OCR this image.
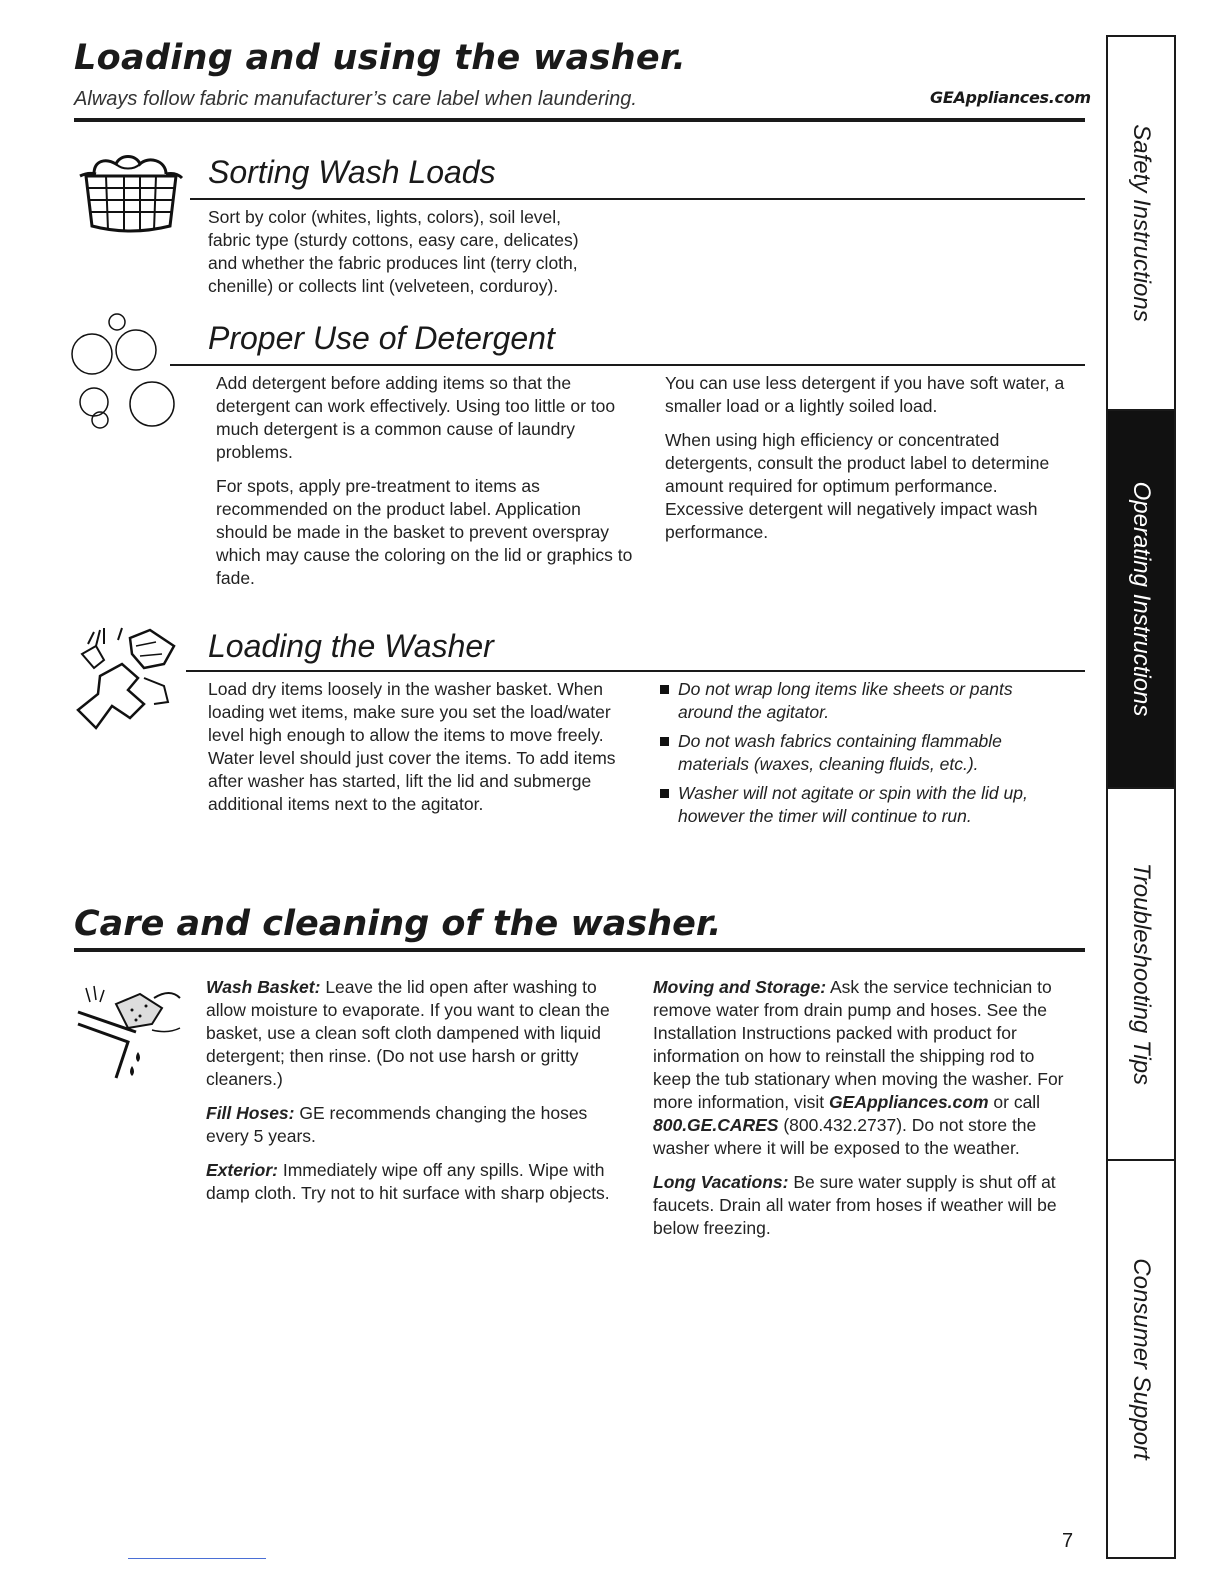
Loading and using the washer.
Always follow fabric manufacturer’s care label when laundering.	GEAppliances.com
Sorting Wash Loads
Sort by color (whites, lights, colors), soil level, fabric type (sturdy cottons, easy care, delicates) and whether the fabric produces lint (terry cloth, chenille) or collects lint (velveteen, corduroy).
Proper Use of Detergent

Add detergent before adding items so that the detergent can work effectively. Using too little or too much detergent is a common cause of laundry problems.

For spots, apply pre-treatment to items as recommended on the product label. Application should be made in the basket to prevent overspray which may cause the coloring on the lid or graphics to fade.

You can use less detergent if you have soft water, a smaller load or a lightly soiled load.

When using high efficiency or concentrated detergents, consult the product label to determine amount required for optimum performance. Excessive detergent will negatively impact wash performance.

Loading the Washer
Load dry items loosely in the washer basket. When loading wet items, make sure you set the load/water level high enough to allow the items to move freely. Water level should just cover the items. To add items after washer has started, lift the lid and submerge additional items next to the agitator.
Do not wrap long items like sheets or pants around the agitator.
Do not wash fabrics containing flammable materials (waxes, cleaning fluids, etc.).
Washer will not agitate or spin with the lid up, however the timer will continue to run.
Care and cleaning of the washer.

Wash Basket: Leave the lid open after washing to allow moisture to evaporate. If you want to clean the basket, use a clean soft cloth dampened with liquid detergent; then rinse. (Do not use harsh or gritty cleaners.)

Fill Hoses: GE recommends changing the hoses every 5 years.

Exterior: Immediately wipe off any spills. Wipe with damp cloth. Try not to hit surface with sharp objects.

Moving and Storage: Ask the service technician to remove water from drain pump and hoses. See the Installation Instructions packed with product for information on how to reinstall the shipping rod to keep the tub stationary when moving the washer. For more information, visit GEAppliances.com or call 800.GE.CARES (800.432.2737). Do not store the washer where it will be exposed to the weather.

Long Vacations: Be sure water supply is shut off at faucets. Drain all water from hoses if weather will be below freezing.

Safety Instructions
Operating Instructions
Troubleshooting Tips
Consumer Support
7
